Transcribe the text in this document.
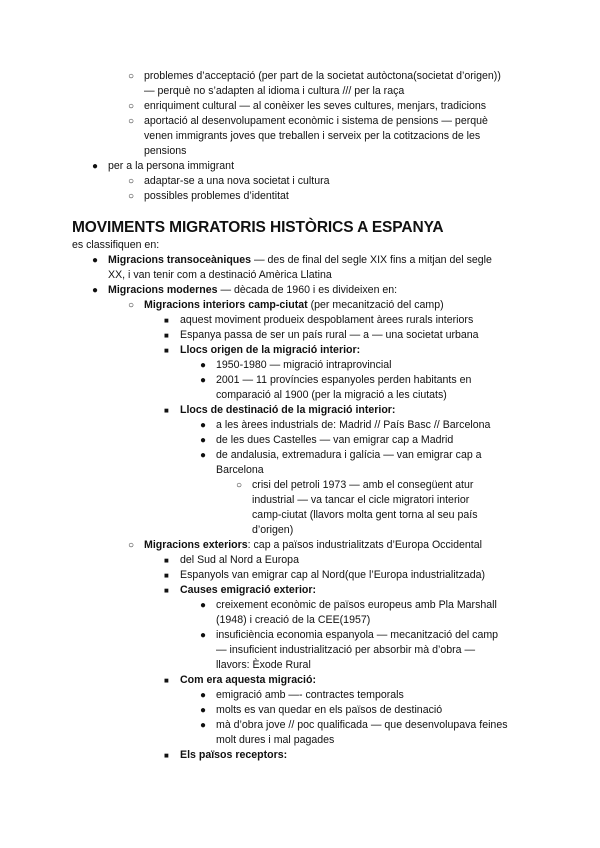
○ problemes d’acceptació (per part de la societat autòctona(societat d’origen))
— perquè no s’adapten al idioma i cultura /// per la raça
○ enriquiment cultural — al conèixer les seves cultures, menjars, tradicions
○ aportació al desenvolupament econòmic i sistema de pensions — perquè
venen immigrants joves que treballen i serveix per la cotitzacions de les
pensions
● per a la persona immigrant
○ adaptar-se a una nova societat i cultura
○ possibles problemes d’identitat
MOVIMENTS MIGRATORIS HISTÒRICS A ESPANYA
es classifiquen en:
● Migracions transoceàniques — des de final del segle XIX fins a mitjan del segle
XX, i van tenir com a destinació Amèrica Llatina
● Migracions modernes — dècada de 1960 i es divideixen en:
○ Migracions interiors camp-ciutat (per mecanització del camp)
■ aquest moviment produeix despoblament àrees rurals interiors
■ Espanya passa de ser un país rural — a — una societat urbana
■ Llocs origen de la migració interior:
● 1950-1980 — migració intraprovincial
● 2001 — 11 províncies espanyoles perden habitants en
comparació al 1900 (per la migració a les ciutats)
■ Llocs de destinació de la migració interior:
● a les àrees industrials de: Madrid // País Basc // Barcelona
● de les dues Castelles — van emigrar cap a Madrid
● de andalusia, extremadura i galícia — van emigrar cap a
Barcelona
○ crisi del petroli 1973 — amb el consegüent atur
industrial — va tancar el cicle migratori interior
camp-ciutat (llavors molta gent torna al seu país
d’origen)
○ Migracions exteriors: cap a països industrialitzats d’Europa Occidental
■ del Sud al Nord a Europa
■ Espanyols van emigrar cap al Nord(que l’Europa industrialitzada)
■ Causes emigració exterior:
● creixement econòmic de països europeus amb Pla Marshall
(1948) i creació de la CEE(1957)
● insuficiència economia espanyola — mecanització del camp
— insuficient industrialització per absorbir mà d’obra —
llavors: Èxode Rural
■ Com era aquesta migració:
● emigració amb —- contractes temporals
● molts es van quedar en els països de destinació
● mà d’obra jove // poc qualificada — que desenvolupava feines
molt dures i mal pagades
■ Els països receptors:
